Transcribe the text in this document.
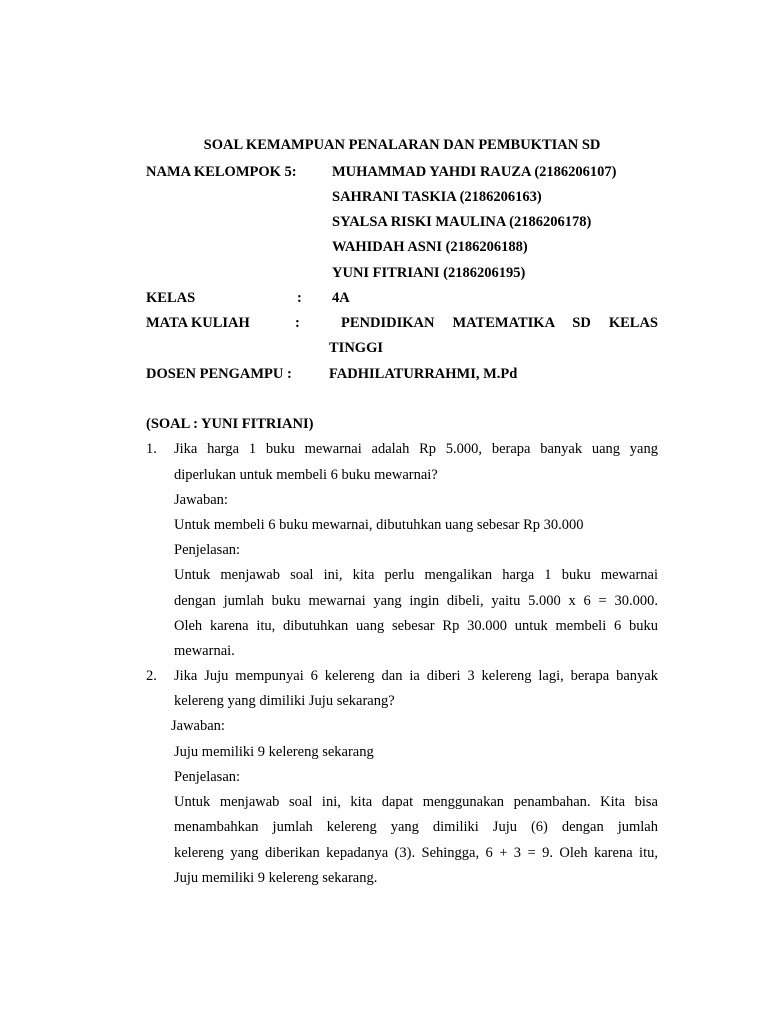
SOAL KEMAMPUAN PENALARAN DAN PEMBUKTIAN SD
NAMA KELOMPOK 5: MUHAMMAD YAHDI RAUZA (2186206107)
SAHRANI TASKIA (2186206163)
SYALSA RISKI MAULINA (2186206178)
WAHIDAH ASNI (2186206188)
YUNI FITRIANI (2186206195)
KELAS	: 4A
MATA KULIAH	:	PENDIDIKAN MATEMATIKA SD KELAS
TINGGI
DOSEN PENGAMPU :	FADHILATURRAHMI, M.Pd
(SOAL : YUNI FITRIANI)
1. Jika harga 1 buku mewarnai adalah Rp 5.000, berapa banyak uang yang
diperlukan untuk membeli 6 buku mewarnai?
Jawaban:
Untuk membeli 6 buku mewarnai, dibutuhkan uang sebesar Rp 30.000
Penjelasan:
Untuk menjawab soal ini, kita perlu mengalikan harga 1 buku mewarnai
dengan jumlah buku mewarnai yang ingin dibeli, yaitu 5.000 x 6 = 30.000.
Oleh karena itu, dibutuhkan uang sebesar Rp 30.000 untuk membeli 6 buku
mewarnai.
2. Jika Juju mempunyai 6 kelereng dan ia diberi 3 kelereng lagi, berapa banyak
kelereng yang dimiliki Juju sekarang?
Jawaban:
Juju memiliki 9 kelereng sekarang
Penjelasan:
Untuk menjawab soal ini, kita dapat menggunakan penambahan. Kita bisa
menambahkan jumlah kelereng yang dimiliki Juju (6) dengan jumlah
kelereng yang diberikan kepadanya (3). Sehingga, 6 + 3 = 9. Oleh karena itu,
Juju memiliki 9 kelereng sekarang.
